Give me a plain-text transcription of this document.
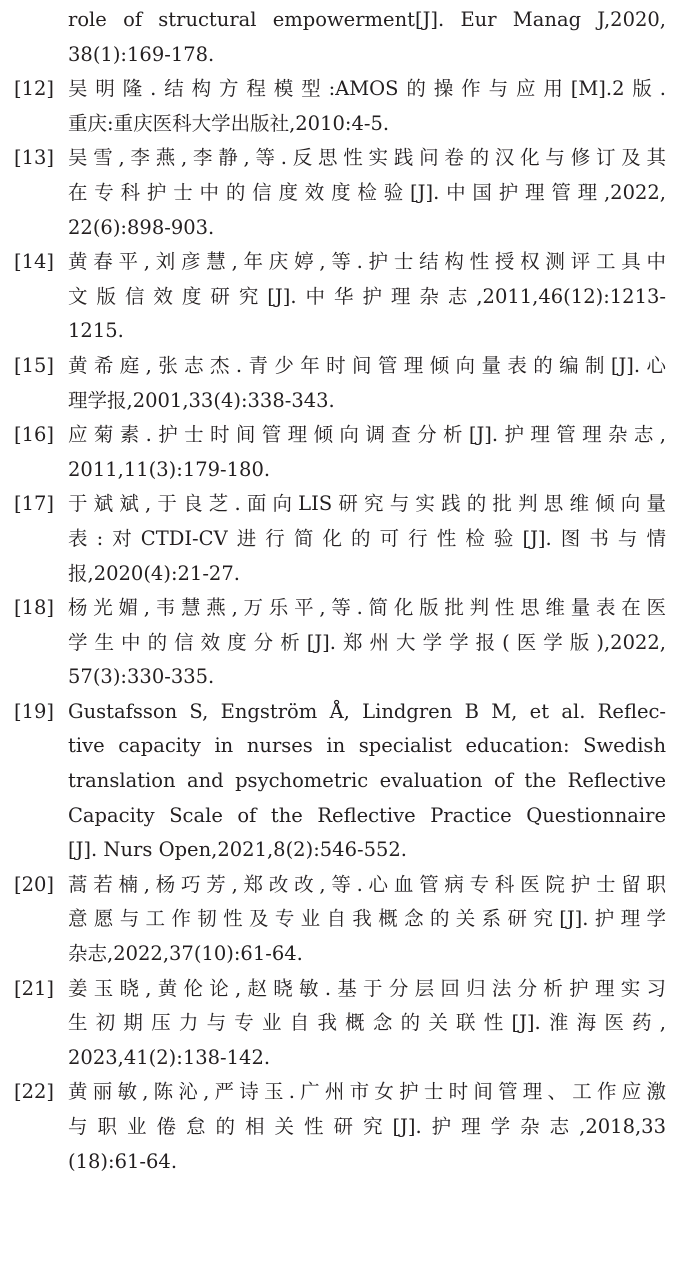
role of structural empowerment[J]. Eur Manag J,2020,
38(1):169-178.
[12] 吴明隆.结构方程模型:AMOS的操作与应用[M].2版.
重庆:重庆医科大学出版社,2010:4-5.
[13] 吴雪,李燕,李静,等.反思性实践问卷的汉化与修订及其
在专科护士中的信度效度检验[J].中国护理管理,2022,
22(6):898-903.
[14] 黄春平,刘彦慧,年庆婷,等.护士结构性授权测评工具中
文版信效度研究[J].中华护理杂志,2011,46(12):1213-
1215.
[15] 黄希庭,张志杰.青少年时间管理倾向量表的编制[J].心
理学报,2001,33(4):338-343.
[16] 应菊素.护士时间管理倾向调查分析[J].护理管理杂志,
2011,11(3):179-180.
[17] 于斌斌,于良芝.面向LIS研究与实践的批判思维倾向量
表:对CTDI-CV进行简化的可行性检验[J].图书与情
报,2020(4):21-27.
[18] 杨光媚,韦慧燕,万乐平,等.简化版批判性思维量表在医
学生中的信效度分析[J].郑州大学学报(医学版),2022,
57(3):330-335.
[19] Gustafsson S, Engström Å, Lindgren B M, et al. Reflec-
tive capacity in nurses in specialist education: Swedish
translation and psychometric evaluation of the Reflective
Capacity Scale of the Reflective Practice Questionnaire
[J]. Nurs Open,2021,8(2):546-552.
[20] 蒿若楠,杨巧芳,郑改改,等.心血管病专科医院护士留职
意愿与工作韧性及专业自我概念的关系研究[J].护理学
杂志,2022,37(10):61-64.
[21] 姜玉晓,黄伦论,赵晓敏.基于分层回归法分析护理实习
生初期压力与专业自我概念的关联性[J].淮海医药,
2023,41(2):138-142.
[22] 黄丽敏,陈沁,严诗玉.广州市女护士时间管理、工作应激
与职业倦怠的相关性研究[J].护理学杂志,2018,33
(18):61-64.
